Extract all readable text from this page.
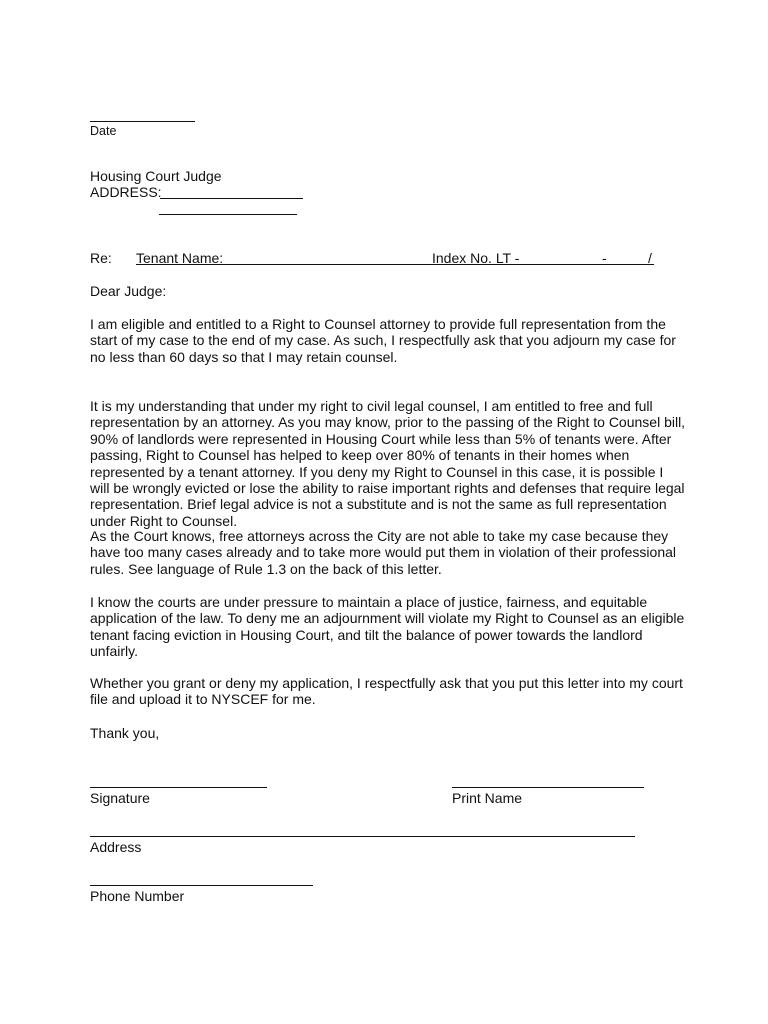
Date
Housing Court Judge
ADDRESS:
Re: Tenant Name:	Index No. LT -	-	/
Dear Judge:
I am eligible and entitled to a Right to Counsel attorney to provide full representation from the
start of my case to the end of my case. As such, I respectfully ask that you adjourn my case for
no less than 60 days so that I may retain counsel.
It is my understanding that under my right to civil legal counsel, I am entitled to free and full
representation by an attorney. As you may know, prior to the passing of the Right to Counsel bill,
90% of landlords were represented in Housing Court while less than 5% of tenants were. After
passing, Right to Counsel has helped to keep over 80% of tenants in their homes when
represented by a tenant attorney. If you deny my Right to Counsel in this case, it is possible I
will be wrongly evicted or lose the ability to raise important rights and defenses that require legal
representation. Brief legal advice is not a substitute and is not the same as full representation
under Right to Counsel.
As the Court knows, free attorneys across the City are not able to take my case because they
have too many cases already and to take more would put them in violation of their professional
rules. See language of Rule 1.3 on the back of this letter.
I know the courts are under pressure to maintain a place of justice, fairness, and equitable
application of the law. To deny me an adjournment will violate my Right to Counsel as an eligible
tenant facing eviction in Housing Court, and tilt the balance of power towards the landlord
unfairly.
Whether you grant or deny my application, I respectfully ask that you put this letter into my court
file and upload it to NYSCEF for me.
Thank you,
Signature	Print Name
Address
Phone Number
